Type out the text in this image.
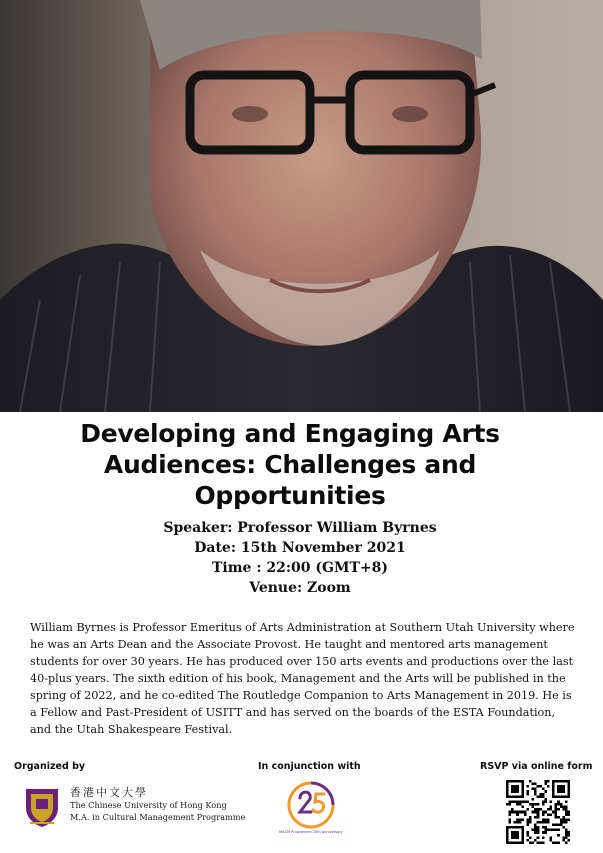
Developing and Engaging Arts
Audiences: Challenges and
Opportunities
Speaker: Professor William Byrnes
Date: 15th November 2021
Time : 22:00 (GMT+8)
Venue: Zoom
William Byrnes is Professor Emeritus of Arts Administration at Southern Utah University where he was an Arts Dean and the Associate Provost. He taught and mentored arts management students for over 30 years. He has produced over 150 arts events and productions over the last 40-plus years. The sixth edition of his book, Management and the Arts will be published in the spring of 2022, and he co-edited The Routledge Companion to Arts Management in 2019. He is a Fellow and Past-President of USITT and has served on the boards of the ESTA Foundation, and the Utah Shakespeare Festival.
Organized by	In conjunction with	RSVP via online form
香港中文大學
The Chinese University of Hong Kong
M.A. in Cultural Management Programme
MACM Programme 20th Anniversary
